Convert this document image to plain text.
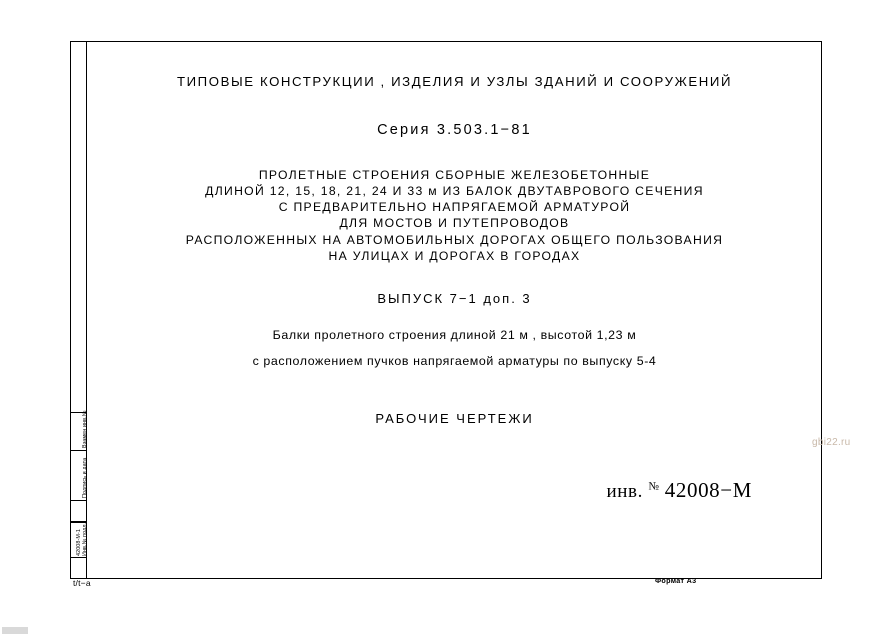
Взамен инв.№
Подпись и дата
Инв.№ подл.
42008-М-1
ТИПОВЫЕ КОНСТРУКЦИИ , ИЗДЕЛИЯ И УЗЛЫ ЗДАНИЙ И СООРУЖЕНИЙ
Серия 3.503.1−81
ПРОЛЕТНЫЕ СТРОЕНИЯ СБОРНЫЕ ЖЕЛЕЗОБЕТОННЫЕ
ДЛИНОЙ 12, 15, 18, 21, 24 И 33 м ИЗ БАЛОК ДВУТАВРОВОГО СЕЧЕНИЯ
С ПРЕДВАРИТЕЛЬНО НАПРЯГАЕМОЙ АРМАТУРОЙ
ДЛЯ МОСТОВ И ПУТЕПРОВОДОВ
РАСПОЛОЖЕННЫХ НА АВТОМОБИЛЬНЫХ ДОРОГАХ ОБЩЕГО ПОЛЬЗОВАНИЯ
НА УЛИЦАХ И ДОРОГАХ В ГОРОДАХ
ВЫПУСК 7−1 доп. 3
Балки пролетного строения длиной 21 м , высотой 1,23 м
с расположением пучков напрягаемой арматуры по выпуску 5-4
РАБОЧИЕ ЧЕРТЕЖИ
инв. № 42008−М
gbi22.ru
t/t−а	Формат А3
